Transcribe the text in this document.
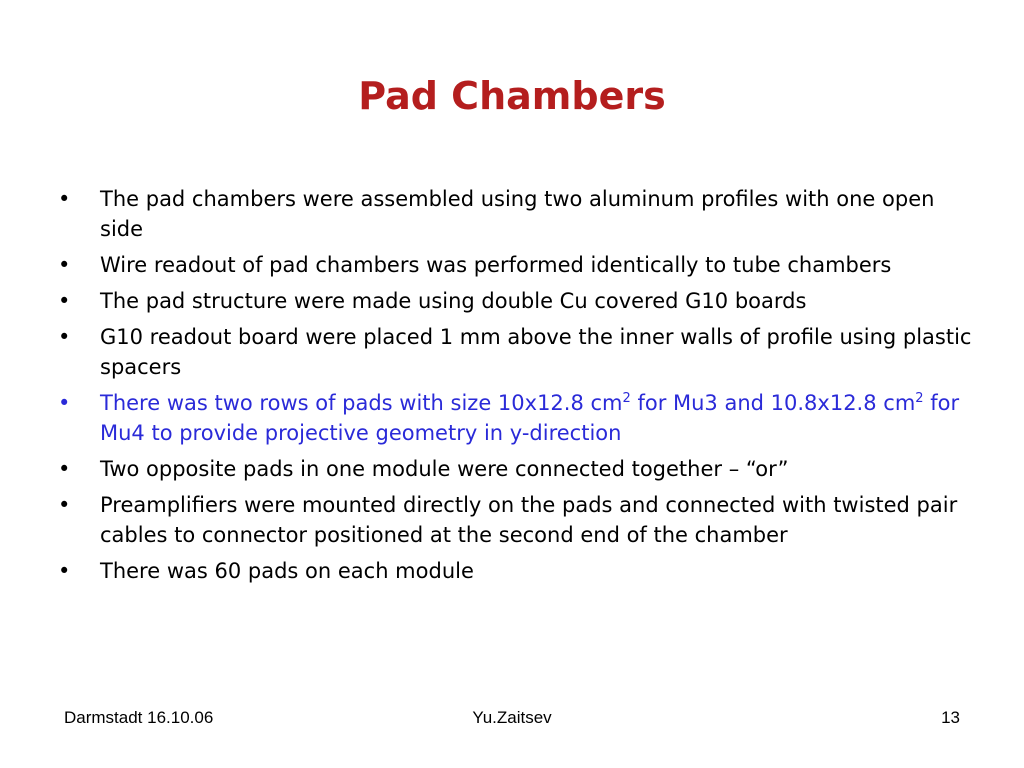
Pad Chambers
•	The pad chambers were assembled using two aluminum profiles with one open side
•	Wire readout of pad chambers was performed identically to tube chambers
•	The pad structure were made using double Cu covered G10 boards
•	G10 readout board were placed 1 mm above the inner walls of profile using plastic spacers
•	There was two rows of pads with size 10x12.8 $cm^2$ for Mu3 and 10.8x12.8 $cm^2$ for Mu4 to provide projective geometry in y-direction
•	Two opposite pads in one module were connected together – “or”
•	Preamplifiers were mounted directly on the pads and connected with twisted pair cables to connector positioned at the second end of the chamber
•	There was 60 pads on each module
Darmstadt 16.10.06	Yu.Zaitsev	13
